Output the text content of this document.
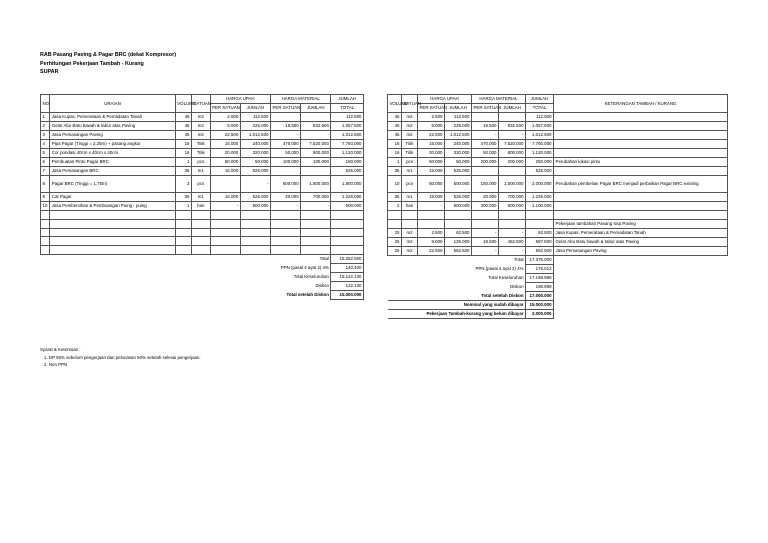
RAB Pasang Paving & Pagar BRC (dekat Kompresor)
Perhitungan Pekerjaan Tambah - Kurang
SUPAR
NO	URAIAN	VOLUME	SATUAN	HARGA UPAH		HARGA MATERIAL		JUMLAH
				PER SATUAN	JUMLAH	PER SATUAN	JUMLAH	TOTAL
1	Jasa Kupas, Pemerataan & Pemadatan Tanah	45	m2	2.500	112.500			112.500
2	Gelar Abu Batu bawah & tabur atas Paving	45	m2	5.000	225.000	18.500	832.500	1.057.500
3	Jasa Pemasangan Paving	45	m2	22.500	1.012.500	-	-	1.012.500
4	Pipa Pagar (Tinggi = 2,25m) + pasang angkur	16	Titik	15.000	240.000	470.000	7.520.000	7.760.000
5	Cor pondasi 40cm x 40cm x 40cm	16	Titik	20.000	320.000	50.000	800.000	1.120.000
6	Pembuatan Pintu Pagar BRC	1	pcs	50.000	50.000	100.000	100.000	150.000
7	Jasa Pemasangan BRC	35	m1	15.000	525.000			525.000
8	Pagar BRC (Tinggi = 1,75m)	3	pcs		-	600.000	1.800.000	1.800.000
9	Cat Pagar	35	m1	15.000	525.000	20.000	700.000	1.225.000
10	Jasa Pembersihan & Pembuangan Puing - puing	1	hari	-	500.000	-	-	500.000

Total								15.262.500
PPN (pasal 4 ayat 2) 4%								140.400
Total Keseluruhan								15.122.100
Diskon								122.100
Total setelah Diskon								15.000.000
VOLUME	SATUAN	HARGA UPAH		HARGA MATERIAL		JUMLAH	KETERANGAN TAMBAH / KURANG
		PER SATUAN	JUMLAH	PER SATUAN	JUMLAH	TOTAL	
45	m2	2.500	112.500			112.500	
45	m2	5.000	225.000	18.500	832.500	1.057.500	
45	m2	22.500	1.012.500	-	-	1.012.500	
16	Titik	15.000	240.000	470.000	7.520.000	7.760.000	
16	Titik	20.000	320.000	50.000	800.000	1.120.000	
1	pcs	50.000	50.000	200.000	200.000	250.000	Perubahan lokasi pintu
35	m1	15.000	525.000			525.000	
10	pcs	50.000	500.000	150.000	1.500.000	2.000.000	Perubahan pembelian Pagar BRC menjadi perbaikan Pagar BRC existing
35	m1	15.000	525.000	20.000	700.000	1.225.000	
2	hari	-	500.000	300.000	600.000	1.100.000	

							Pekerjaan tambahan Pasang sisa Paving
25	m2	2.500	62.500	-	-	62.500	Jasa Kupas, Pemerataan & Pemadatan Tanah
25	m2	5.000	125.000	18.500	462.500	587.500	Gelar Abu Batu bawah & tabur atas Paving
25	m2	22.500	562.500	-	-	562.500	Jasa Pemasangan Paving
Total						17.375.000	
PPN (pasal 4 ayat 2) 4%						176.012	
Total Keseluruhan						17.198.988	
Diskon						198.988	
Total setelah Diskon						17.000.000	
Nominal yang sudah dibayar						15.000.000	
Pekerjaan Tambah-kurang yang belum dibayar						2.000.000	
Syarat & Ketentuan :
1. DP 50% sebelum pengerjaan dan pelunasan 50% setelah selesai pengerjaan.
2. Non PPN
